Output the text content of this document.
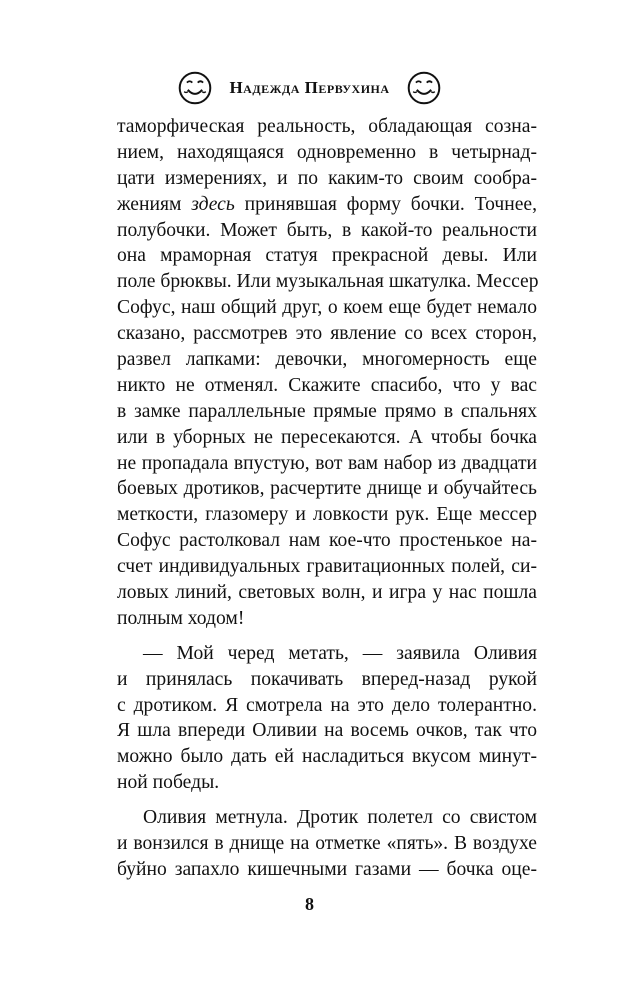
Надежда Первухина
таморфическая реальность, обладающая созна-
нием, находящаяся одновременно в четырнад-
цати измерениях, и по каким-то своим сообра-
жениям здесь принявшая форму бочки. Точнее,
полубочки. Может быть, в какой-то реальности
она мраморная статуя прекрасной девы. Или
поле брюквы. Или музыкальная шкатулка. Мессер
Софус, наш общий друг, о коем еще будет немало
сказано, рассмотрев это явление со всех сторон,
развел лапками: девочки, многомерность еще
никто не отменял. Скажите спасибо, что у вас
в замке параллельные прямые прямо в спальнях
или в уборных не пересекаются. А чтобы бочка
не пропадала впустую, вот вам набор из двадцати
боевых дротиков, расчертите днище и обучайтесь
меткости, глазомеру и ловкости рук. Еще мессер
Софус растолковал нам кое-что простенькое на-
счет индивидуальных гравитационных полей, си-
ловых линий, световых волн, и игра у нас пошла
полным ходом!
— Мой черед метать, — заявила Оливия
и принялась покачивать вперед-назад рукой
с дротиком. Я смотрела на это дело толерантно.
Я шла впереди Оливии на восемь очков, так что
можно было дать ей насладиться вкусом минут-
ной победы.
Оливия метнула. Дротик полетел со свистом
и вонзился в днище на отметке «пять». В воздухе
буйно запахло кишечными газами — бочка оце-
8
